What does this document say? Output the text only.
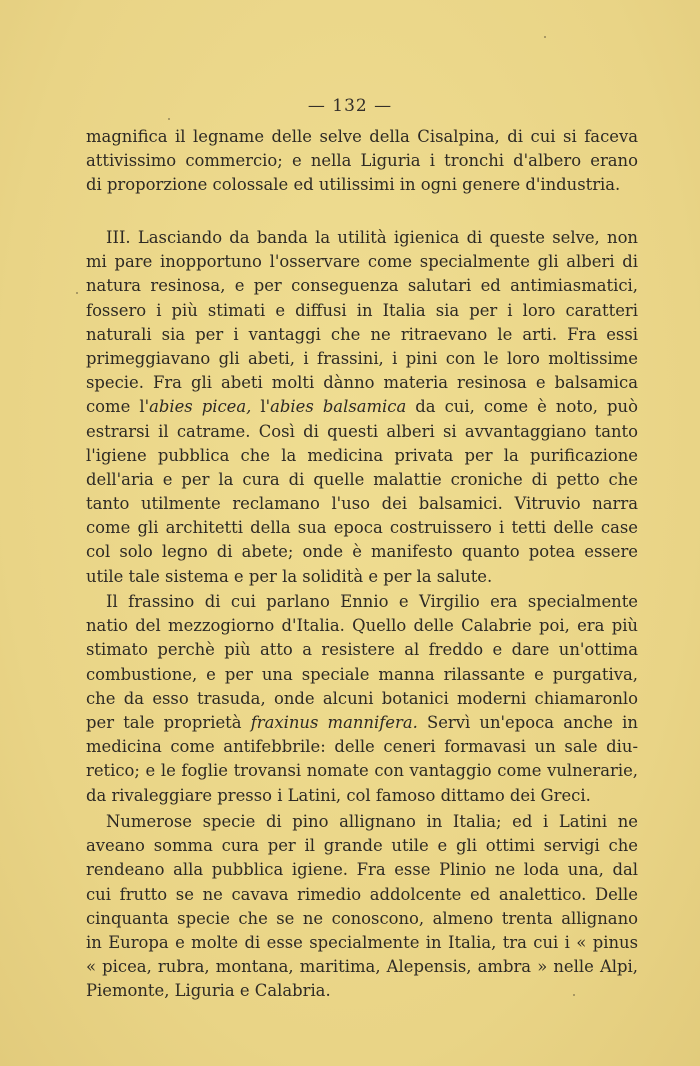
— 132 —
magnifica il legname delle selve della Cisalpina, di cui si faceva
attivissimo commercio; e nella Liguria i tronchi d'albero erano
di proporzione colossale ed utilissimi in ogni genere d'industria.
III. Lasciando da banda la utilità igienica di queste selve, non
mi pare inopportuno l'osservare come specialmente gli alberi di
natura resinosa, e per conseguenza salutari ed antimiasmatici,
fossero i più stimati e diffusi in Italia sia per i loro caratteri
naturali sia per i vantaggi che ne ritraevano le arti. Fra essi
primeggiavano gli abeti, i frassini, i pini con le loro moltissime
specie. Fra gli abeti molti dànno materia resinosa e balsamica
come l'abies picea, l'abies balsamica da cui, come è noto, può
estrarsi il catrame. Così di questi alberi si avvantaggiano tanto
l'igiene pubblica che la medicina privata per la purificazione
dell'aria e per la cura di quelle malattie croniche di petto che
tanto utilmente reclamano l'uso dei balsamici. Vitruvio narra
come gli architetti della sua epoca costruissero i tetti delle case
col solo legno di abete; onde è manifesto quanto potea essere
utile tale sistema e per la solidità e per la salute.
Il frassino di cui parlano Ennio e Virgilio era specialmente
natio del mezzogiorno d'Italia. Quello delle Calabrie poi, era più
stimato perchè più atto a resistere al freddo e dare un'ottima
combustione, e per una speciale manna rilassante e purgativa,
che da esso trasuda, onde alcuni botanici moderni chiamaronlo
per tale proprietà fraxinus mannifera. Servì un'epoca anche in
medicina come antifebbrile: delle ceneri formavasi un sale diu-
retico; e le foglie trovansi nomate con vantaggio come vulnerarie,
da rivaleggiare presso i Latini, col famoso dittamo dei Greci.
Numerose specie di pino allignano in Italia; ed i Latini ne
aveano somma cura per il grande utile e gli ottimi servigi che
rendeano alla pubblica igiene. Fra esse Plinio ne loda una, dal
cui frutto se ne cavava rimedio addolcente ed analettico. Delle
cinquanta specie che se ne conoscono, almeno trenta allignano
in Europa e molte di esse specialmente in Italia, tra cui i « pinus
« picea, rubra, montana, maritima, Alepensis, ambra » nelle Alpi,
Piemonte, Liguria e Calabria.
